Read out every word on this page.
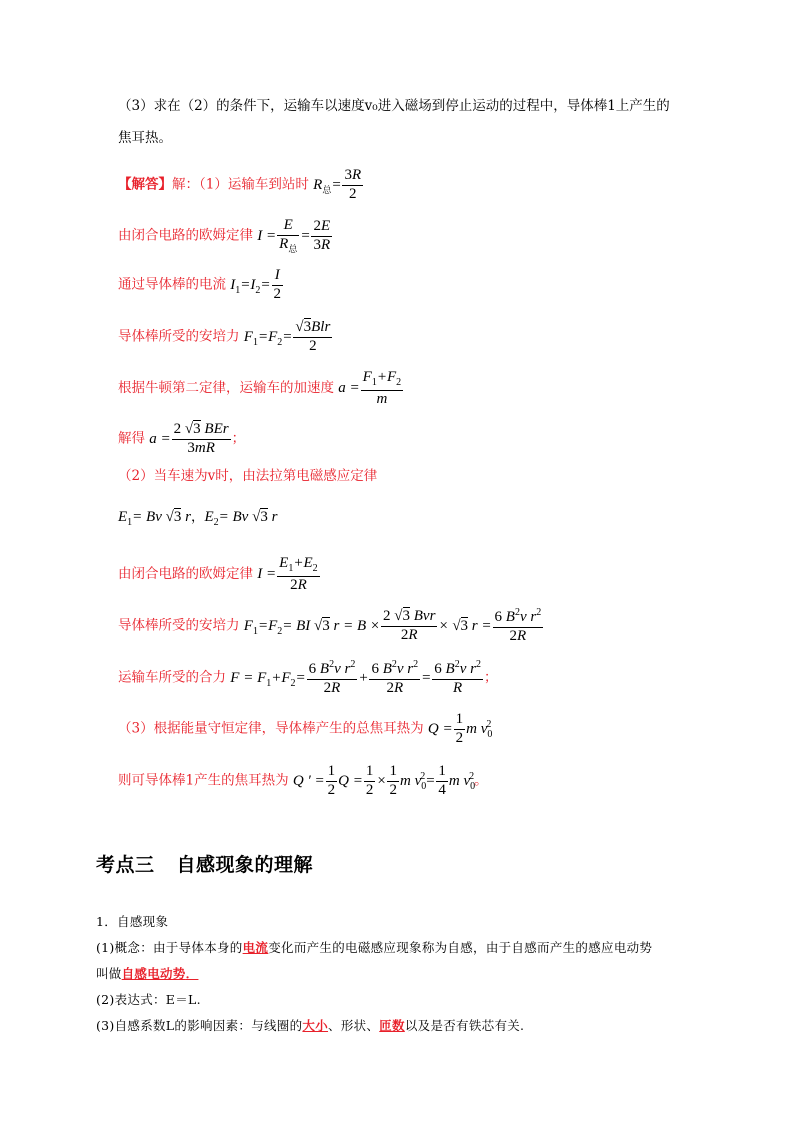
（3）求在（2）的条件下，运输车以速度v₀进入磁场到停止运动的过程中，导体棒1上产生的
焦耳热。
【解答】解：（1）运输车到站时 $R_总= \frac{3R}{2}$
由闭合电路的欧姆定律 $I = \frac{E}{R_总} = \frac{2E}{3R}$
通过导体棒的电流 $I_1=I_2= \frac{I}{2}$
导体棒所受的安培力 $F_1=F_2= \frac{\text{√3Blr}}{2}$
根据牛顿第二定律，运输车的加速度 $a = \frac{F_1+F_2}{m}$
解得 $a = \frac{\text{2 √3 BEr}}{3mR}$ ；
（2）当车速为v时，由法拉第电磁感应定律
$E_1= Bv$ √3 r，$E_2= Bv$ √3 r
由闭合电路的欧姆定律 $I = \frac{E_1+E_2}{2R}$
导体棒所受的安培力 $F_1=F_2=$ BI √3 $r = B \times \frac{\text{2 √3 Bvr}}{2R} \times √3$ $r = \frac{6 B^2v r^2}{2R}$
运输车所受的合力 $F = F_1+F_2= \frac{6 B^2v r^2}{2R} + \frac{6 B^2v r^2}{2R} = \frac{6 B^2v r^2}{R}$ ；
（3）根据能量守恒定律，导体棒产生的总焦耳热为 $Q = \frac{1}{2}$ m $v_0^2$
则可导体棒1产生的焦耳热为 Q ′ = $\frac{1}{2}$ $Q = \frac{1}{2} \times \frac{1}{2}$ m $v_0^2= \frac{1}{4}$ m $v_0^2$。
考点三 自感现象的理解
1．自感现象
(1)概念：由于导体本身的电流变化而产生的电磁感应现象称为自感，由于自感而产生的感应电动势
叫做自感电动势．
(2)表达式：E＝L.
(3)自感系数L的影响因素：与线圈的大小、形状、匝数以及是否有铁芯有关.
